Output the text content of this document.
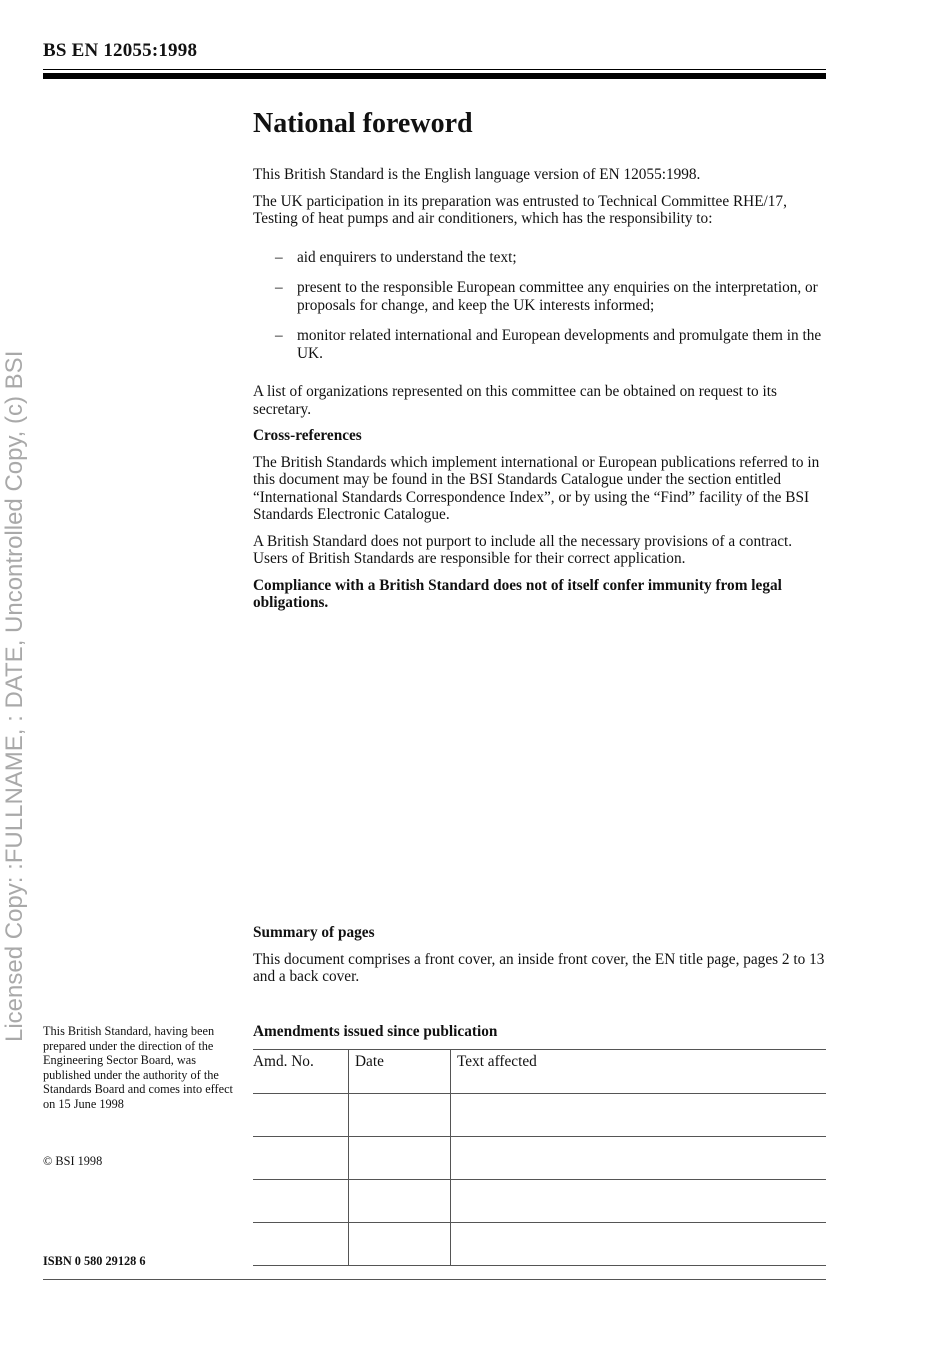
BS EN 12055:1998
Licensed Copy: :FULLNAME, : DATE, Uncontrolled Copy, (c) BSI
National foreword

This British Standard is the English language version of EN 12055:1998.

The UK participation in its preparation was entrusted to Technical Committee RHE/17, Testing of heat pumps and air conditioners, which has the responsibility to:

– aid enquirers to understand the text;
– present to the responsible European committee any enquiries on the interpretation, or proposals for change, and keep the UK interests informed;
– monitor related international and European developments and promulgate them in the UK.

A list of organizations represented on this committee can be obtained on request to its secretary.

Cross-references

The British Standards which implement international or European publications referred to in this document may be found in the BSI Standards Catalogue under the section entitled “International Standards Correspondence Index”, or by using the “Find” facility of the BSI Standards Electronic Catalogue.

A British Standard does not purport to include all the necessary provisions of a contract. Users of British Standards are responsible for their correct application.

Compliance with a British Standard does not of itself confer immunity from legal obligations.

Summary of pages

This document comprises a front cover, an inside front cover, the EN title page, pages 2 to 13 and a back cover.

Amendments issued since publication
Amd. No.	Date	Text affected

This British Standard, having been prepared under the direction of the Engineering Sector Board, was published under the authority of the Standards Board and comes into effect on 15 June 1998
© BSI 1998
ISBN 0 580 29128 6
